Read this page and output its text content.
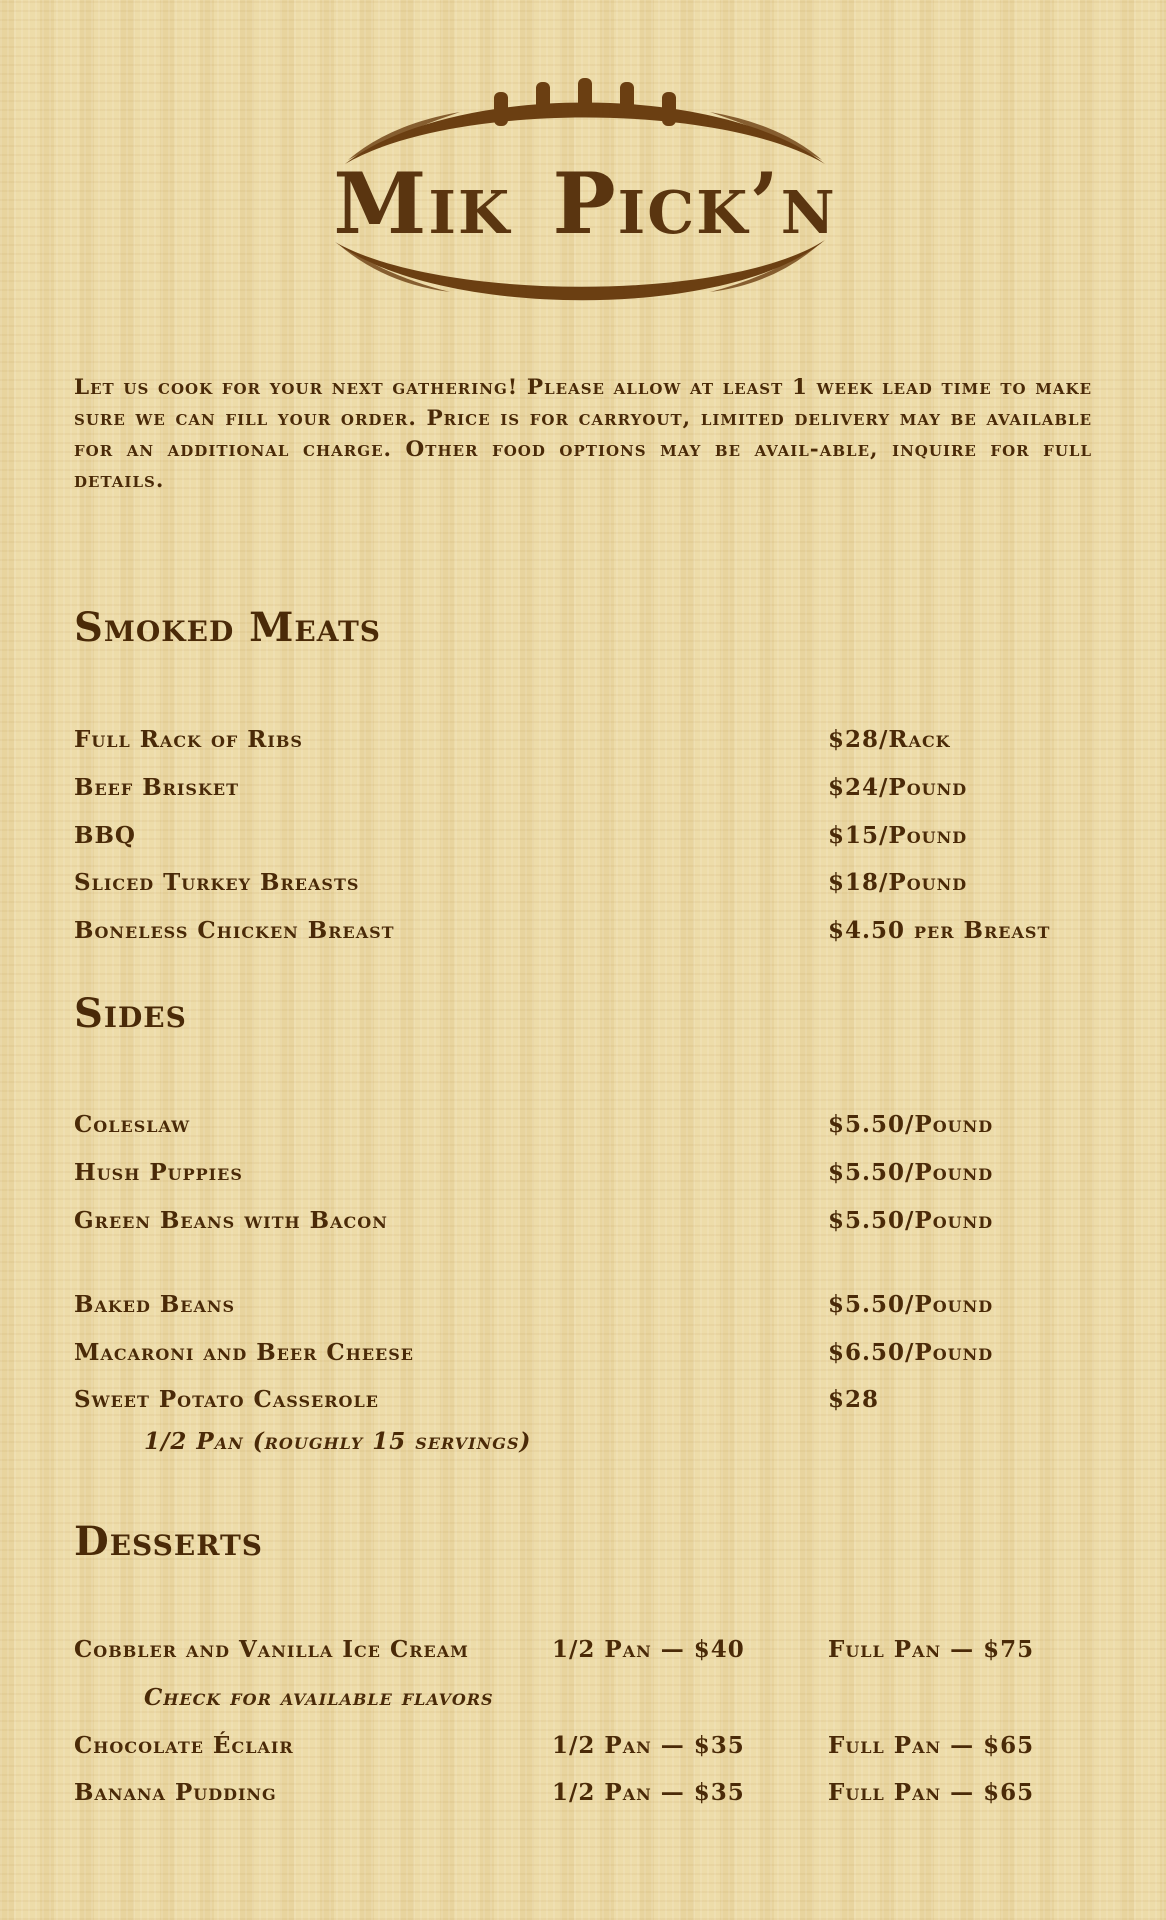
Mik Pick’n
Let us cook for your next gathering! Please allow at least 1 week lead time to make sure we can fill your order. Price is for carryout, limited delivery may be available for an additional charge. Other food options may be avail-able, inquire for full details.
Smoked Meats
Full Rack of Ribs	$28/Rack
Beef Brisket	$24/Pound
BBQ	$15/Pound
Sliced Turkey Breasts	$18/Pound
Boneless Chicken Breast	$4.50 per Breast
Sides
Coleslaw	$5.50/Pound
Hush Puppies	$5.50/Pound
Green Beans with Bacon	$5.50/Pound
Baked Beans	$5.50/Pound
Macaroni and Beer Cheese	$6.50/Pound
Sweet Potato Casserole	$28
1/2 Pan (roughly 15 servings)
Desserts
Cobbler and Vanilla Ice Cream	1/2 Pan — $40	Full Pan — $75
Check for available flavors
Chocolate Éclair	1/2 Pan — $35	Full Pan — $65
Banana Pudding	1/2 Pan — $35	Full Pan — $65
